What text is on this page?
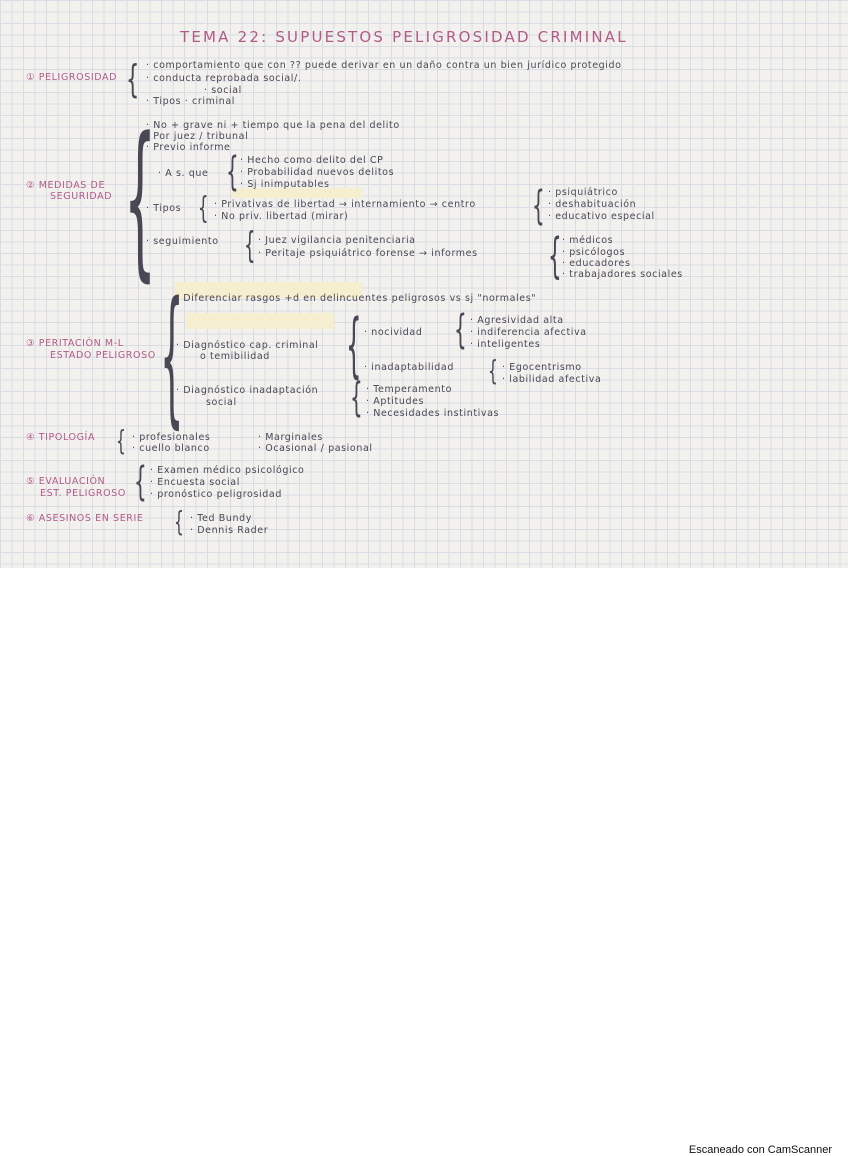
TEMA 22: SUPUESTOS PELIGROSIDAD CRIMINAL
① PELIGROSIDAD { · comportamiento que con ?? puede derivar en un daño contra un bien jurídico protegido
· conducta reprobada social/.
· social
· Tipos · criminal
② MEDIDAS DE
SEGURIDAD {
· No + grave ni + tiempo que la pena del delito
· Por juez / tribunal
· Previo informe
· A s. que { · Hecho como delito del CP
· Probabilidad nuevos delitos
· Sj inimputables
· Tipos { · Privativas de libertad → internamiento → centro
· No priv. libertad (mirar)	{ · psiquiátrico
· deshabituación
· educativo especial
· seguimiento { · Juez vigilancia penitenciaria
· Peritaje psiquiátrico forense → informes { · médicos
· psicólogos
· educadores
· trabajadores sociales
③ PERITACIÓN M-L
ESTADO PELIGROSO {
· Diferenciar rasgos +d en delincuentes peligrosos vs sj "normales"
· Diagnóstico cap. criminal
o temibilidad { · nocividad { · Agresividad alta
· indiferencia afectiva
· inteligentes
· inadaptabilidad { · Egocentrismo
· labilidad afectiva
· Diagnóstico inadaptación
social	{ · Temperamento
· Aptitudes
· Necesidades instintivas
④ TIPOLOGÍA { · profesionales
· cuello blanco
· Marginales
· Ocasional / pasional
⑤ EVALUACIÓN
EST. PELIGROSO { · Examen médico psicológico
· Encuesta social
· pronóstico peligrosidad
⑥ ASESINOS EN SERIE { · Ted Bundy
· Dennis Rader
Escaneado con CamScanner
